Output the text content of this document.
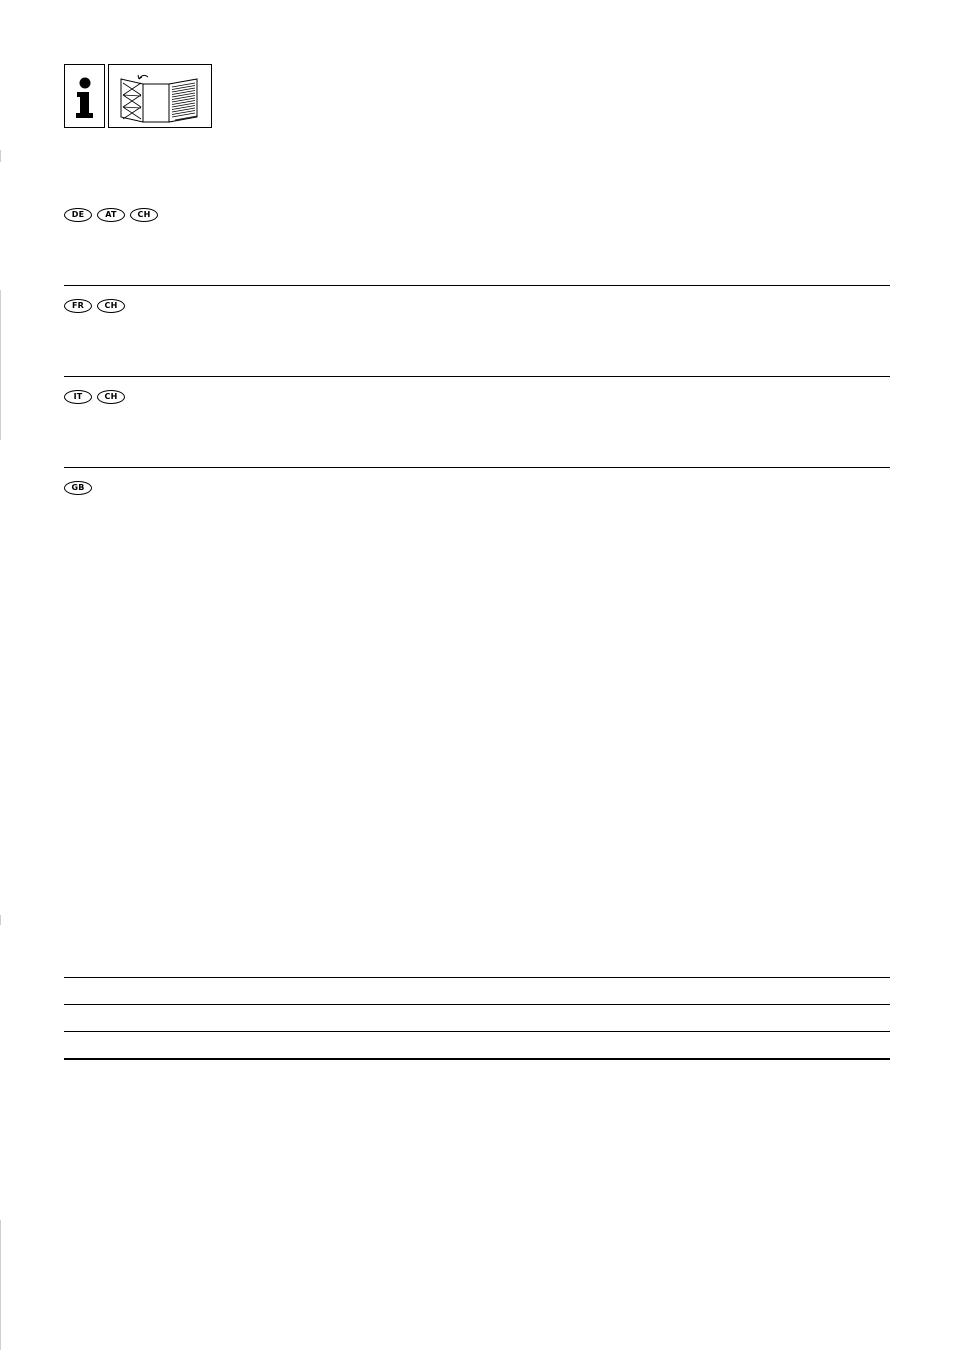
DE	AT	CH
FR	CH
IT	CH
GB
